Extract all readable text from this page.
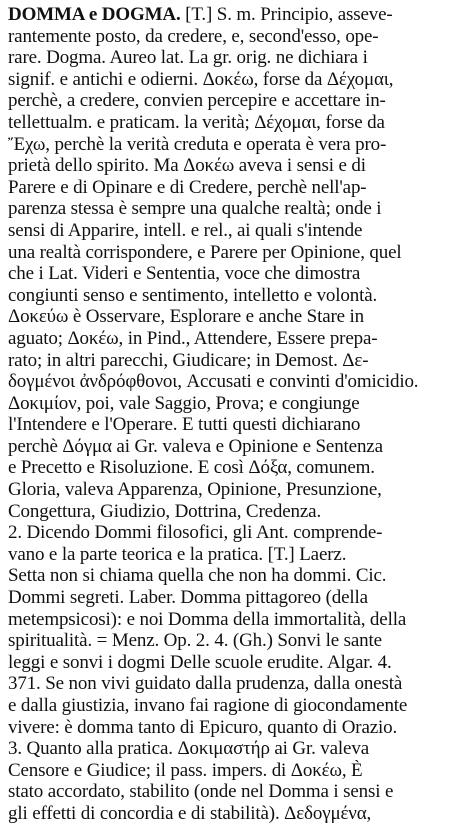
DOMMA e DOGMA. [T.] S. m. Principio, asseve-
rantemente posto, da credere, e, second'esso, ope-
rare. Dogma. Aureo lat. La gr. orig. ne dichiara i
signif. e antichi e odierni. Δοκέω, forse da Δέχομαι,
perchè, a credere, convien percepire e accettare in-
tellettualm. e praticam. la verità; Δέχομαι, forse da
Ἔχω, perchè la verità creduta e operata è vera pro-
prietà dello spirito. Ma Δοκέω aveva i sensi e di
Parere e di Opinare e di Credere, perchè nell'ap-
parenza stessa è sempre una qualche realtà; onde i
sensi di Apparire, intell. e rel., ai quali s'intende
una realtà corrispondere, e Parere per Opinione, quel
che i Lat. Videri e Sententia, voce che dimostra
congiunti senso e sentimento, intelletto e volontà.
Δοκεύω è Osservare, Esplorare e anche Stare in
aguato; Δοκέω, in Pind., Attendere, Essere prepa-
rato; in altri parecchi, Giudicare; in Demost. Δε-
δογμένοι ἀνδρόφθονοι, Accusati e convinti d'omicidio.
Δοκιμίον, poi, vale Saggio, Prova; e congiunge
l'Intendere e l'Operare. E tutti questi dichiarano
perchè Δόγμα ai Gr. valeva e Opinione e Sentenza
e Precetto e Risoluzione. E così Δόξα, comunem.
Gloria, valeva Apparenza, Opinione, Presunzione,
Congettura, Giudizio, Dottrina, Credenza.
2. Dicendo Dommi filosofici, gli Ant. comprende-
vano e la parte teorica e la pratica. [T.] Laerz.
Setta non si chiama quella che non ha dommi. Cic.
Dommi segreti. Laber. Domma pittagoreo (della
metempsicosi): e noi Domma della immortalità, della
spiritualità. = Menz. Op. 2. 4. (Gh.) Sonvi le sante
leggi e sonvi i dogmi Delle scuole erudite. Algar. 4.
371. Se non vivi guidato dalla prudenza, dalla onestà
e dalla giustizia, invano fai ragione di giocondamente
vivere: è domma tanto di Epicuro, quanto di Orazio.
3. Quanto alla pratica. Δοκιμαστήρ ai Gr. valeva
Censore e Giudice; il pass. impers. di Δοκέω, È
stato accordato, stabilito (onde nel Domma i sensi e
gli effetti di concordia e di stabilità). Δεδογμένα,
